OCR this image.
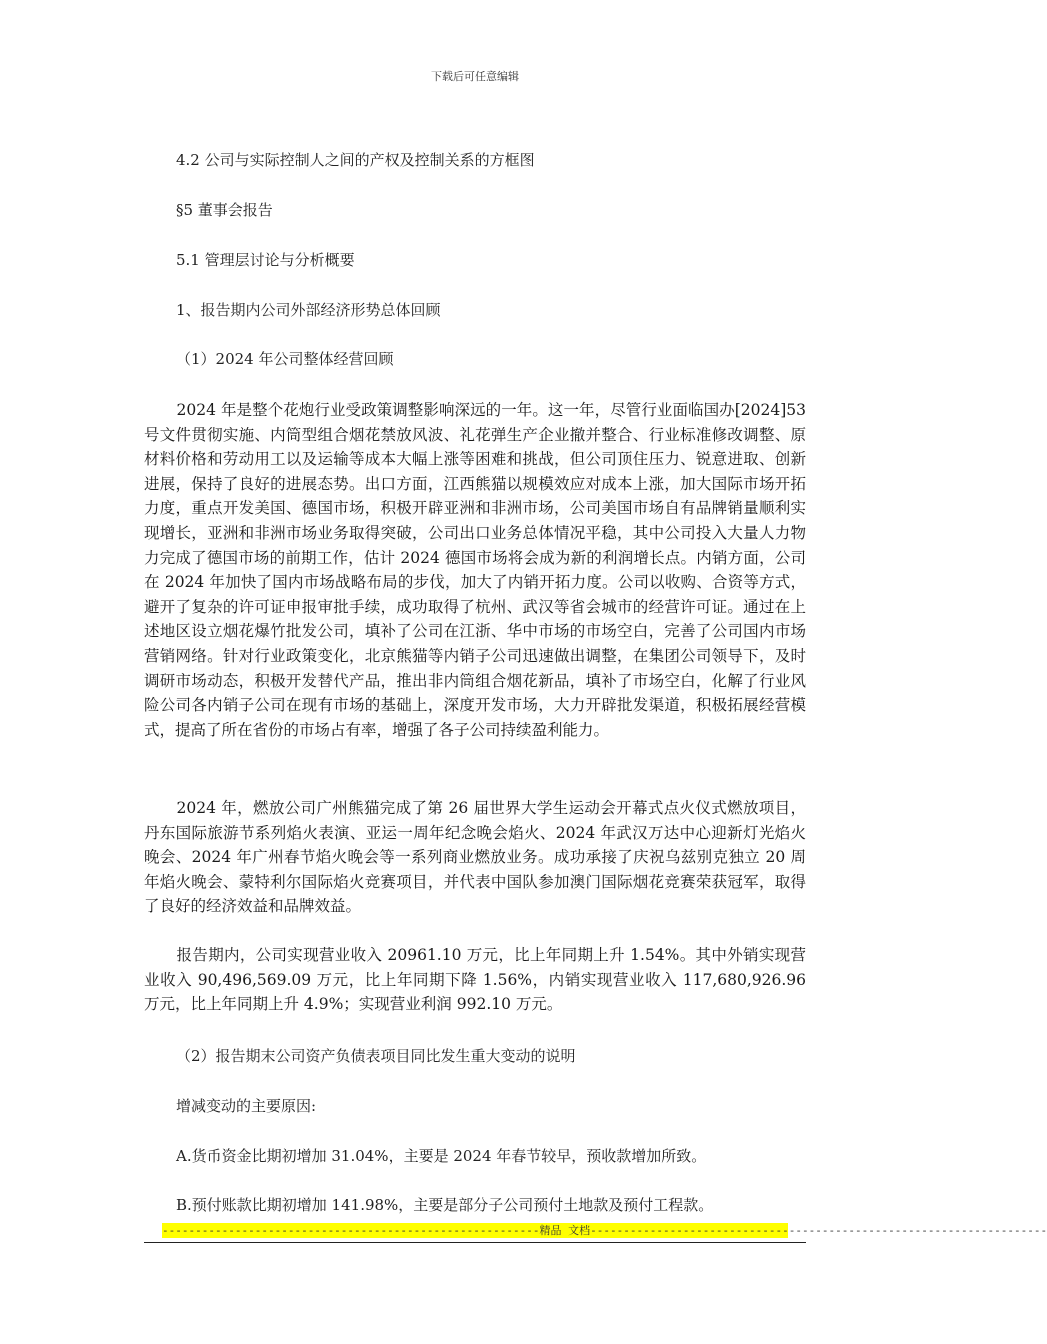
下载后可任意编辑
4.2 公司与实际控制人之间的产权及控制关系的方框图
§5 董事会报告
5.1 管理层讨论与分析概要
1、报告期内公司外部经济形势总体回顾
（1）2024 年公司整体经营回顾

2024 年是整个花炮行业受政策调整影响深远的一年。这一年，尽管行业面临国办[2024]53 号文件贯彻实施、内筒型组合烟花禁放风波、礼花弹生产企业撤并整合、行业标准修改调整、原材料价格和劳动用工以及运输等成本大幅上涨等困难和挑战，但公司顶住压力、锐意进取、创新进展，保持了良好的进展态势。出口方面，江西熊猫以规模效应对成本上涨，加大国际市场开拓力度，重点开发美国、德国市场，积极开辟亚洲和非洲市场，公司美国市场自有品牌销量顺利实现增长，亚洲和非洲市场业务取得突破，公司出口业务总体情况平稳，其中公司投入大量人力物力完成了德国市场的前期工作，估计 2024 德国市场将会成为新的利润增长点。内销方面，公司在 2024 年加快了国内市场战略布局的步伐，加大了内销开拓力度。公司以收购、合资等方式，避开了复杂的许可证申报审批手续，成功取得了杭州、武汉等省会城市的经营许可证。通过在上述地区设立烟花爆竹批发公司，填补了公司在江浙、华中市场的市场空白，完善了公司国内市场营销网络。针对行业政策变化，北京熊猫等内销子公司迅速做出调整，在集团公司领导下，及时调研市场动态，积极开发替代产品，推出非内筒组合烟花新品，填补了市场空白，化解了行业风险公司各内销子公司在现有市场的基础上，深度开发市场，大力开辟批发渠道，积极拓展经营模式，提高了所在省份的市场占有率，增强了各子公司持续盈利能力。

2024 年，燃放公司广州熊猫完成了第 26 届世界大学生运动会开幕式点火仪式燃放项目，丹东国际旅游节系列焰火表演、亚运一周年纪念晚会焰火、2024 年武汉万达中心迎新灯光焰火晚会、2024 年广州春节焰火晚会等一系列商业燃放业务。成功承接了庆祝乌兹别克独立 20 周年焰火晚会、蒙特利尔国际焰火竞赛项目，并代表中国队参加澳门国际烟花竞赛荣获冠军，取得了良好的经济效益和品牌效益。

报告期内，公司实现营业收入 20961.10 万元，比上年同期上升 1.54%。其中外销实现营业收入 90,496,569.09 万元，比上年同期下降 1.56%，内销实现营业收入 117,680,926.96 万元，比上年同期上升 4.9%；实现营业利润 992.10 万元。

（2）报告期末公司资产负债表项目同比发生重大变动的说明
增减变动的主要原因:
A.货币资金比期初增加 31.04%，主要是 2024 年春节较早，预收款增加所致。
B.预付账款比期初增加 141.98%，主要是部分子公司预付土地款及预付工程款。
---------------------------------------------------------精品 文档---------------------------------------------------------------------
